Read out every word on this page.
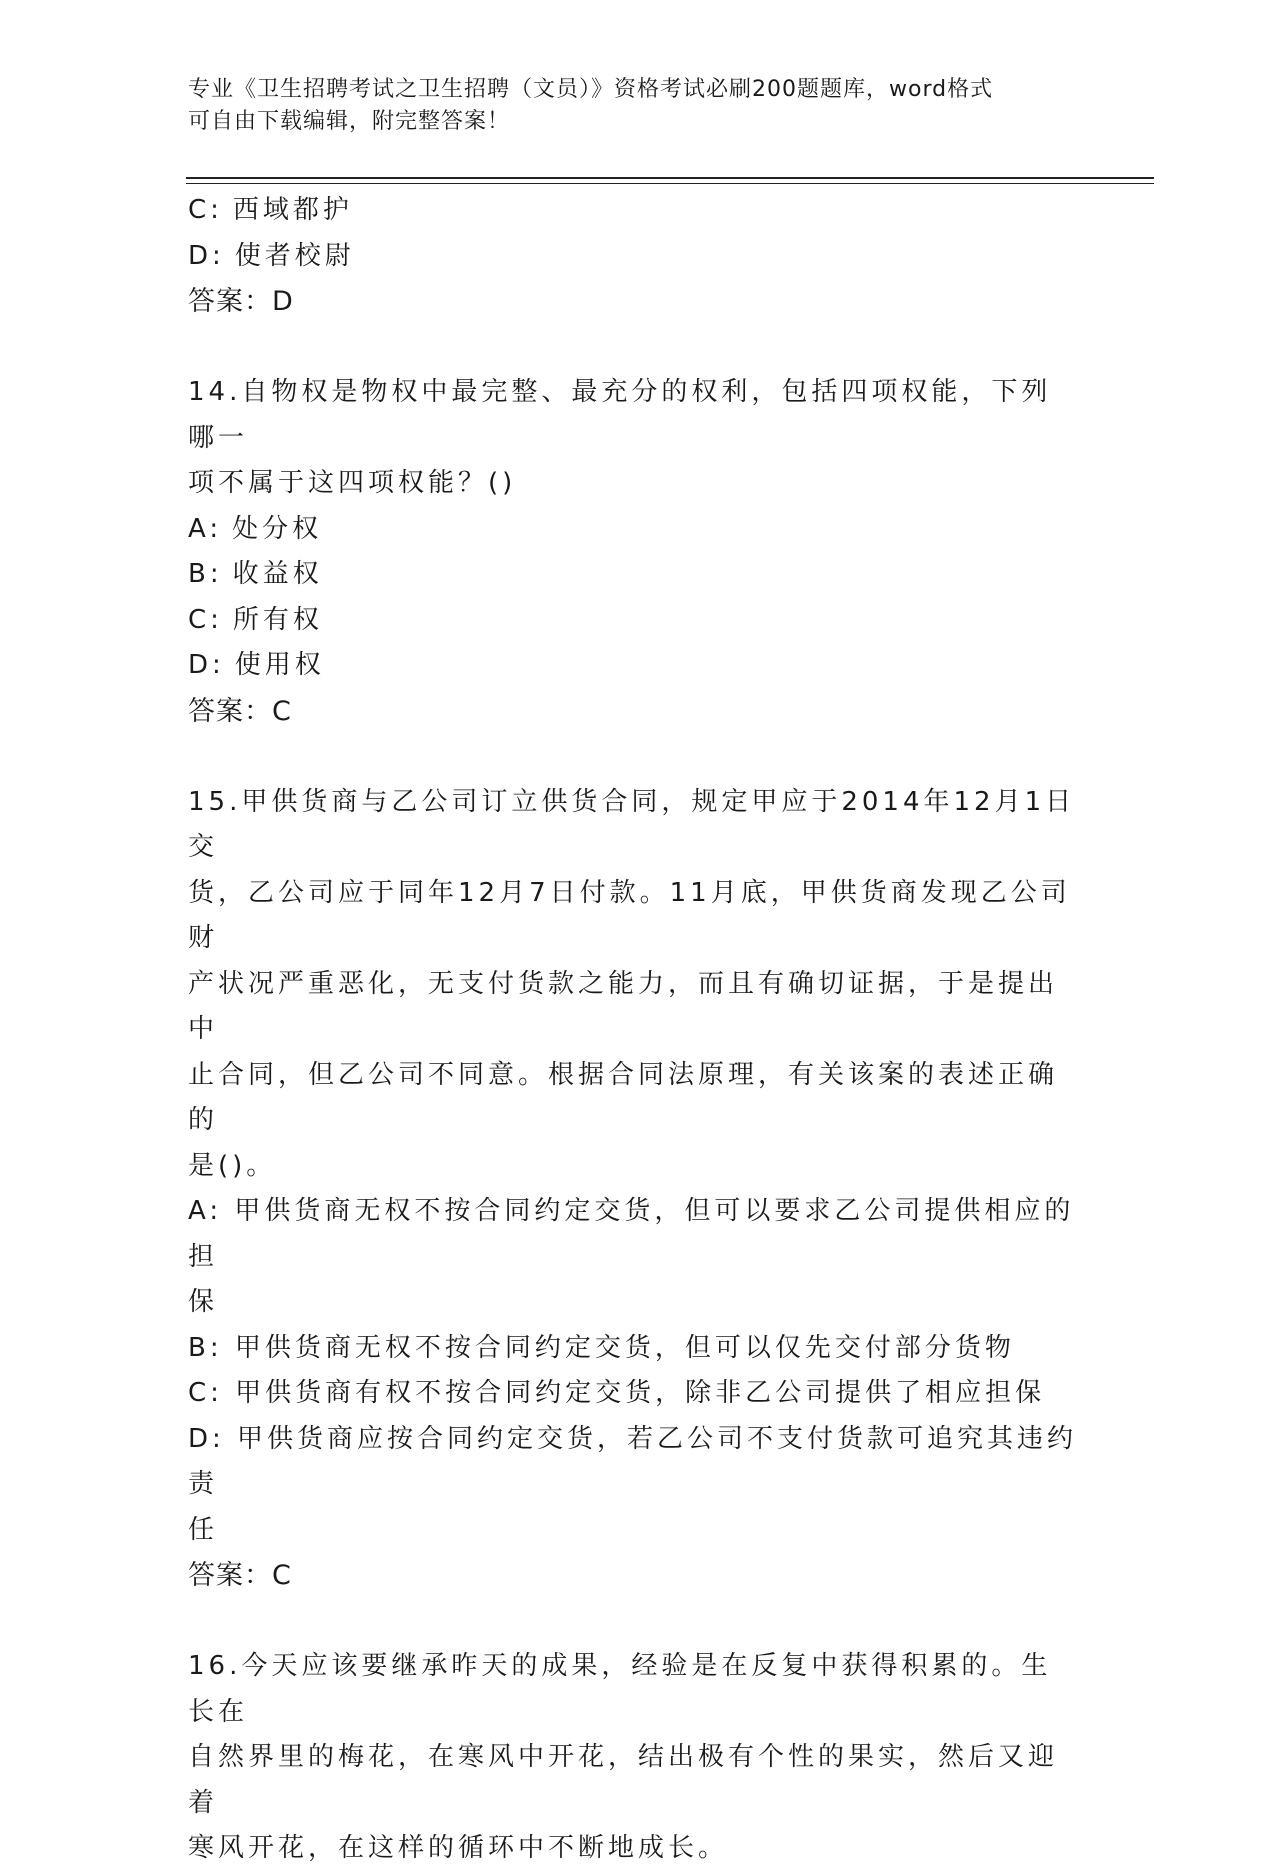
专业《卫生招聘考试之卫生招聘（文员）》资格考试必刷200题题库，word格式
可自由下载编辑，附完整答案！

C: 西域都护

D: 使者校尉

答案：D

14.自物权是物权中最完整、最充分的权利，包括四项权能，下列哪一

项不属于这四项权能？()

A: 处分权

B: 收益权

C: 所有权

D: 使用权

答案：C

15.甲供货商与乙公司订立供货合同，规定甲应于2014年12月1日交

货，乙公司应于同年12月7日付款。11月底，甲供货商发现乙公司财

产状况严重恶化，无支付货款之能力，而且有确切证据，于是提出中

止合同，但乙公司不同意。根据合同法原理，有关该案的表述正确的

是()。

A: 甲供货商无权不按合同约定交货，但可以要求乙公司提供相应的担

保

B: 甲供货商无权不按合同约定交货，但可以仅先交付部分货物

C: 甲供货商有权不按合同约定交货，除非乙公司提供了相应担保

D: 甲供货商应按合同约定交货，若乙公司不支付货款可追究其违约责

任

答案：C

16.今天应该要继承昨天的成果，经验是在反复中获得积累的。生长在

自然界里的梅花，在寒风中开花，结出极有个性的果实，然后又迎着

寒风开花，在这样的循环中不断地成长。
